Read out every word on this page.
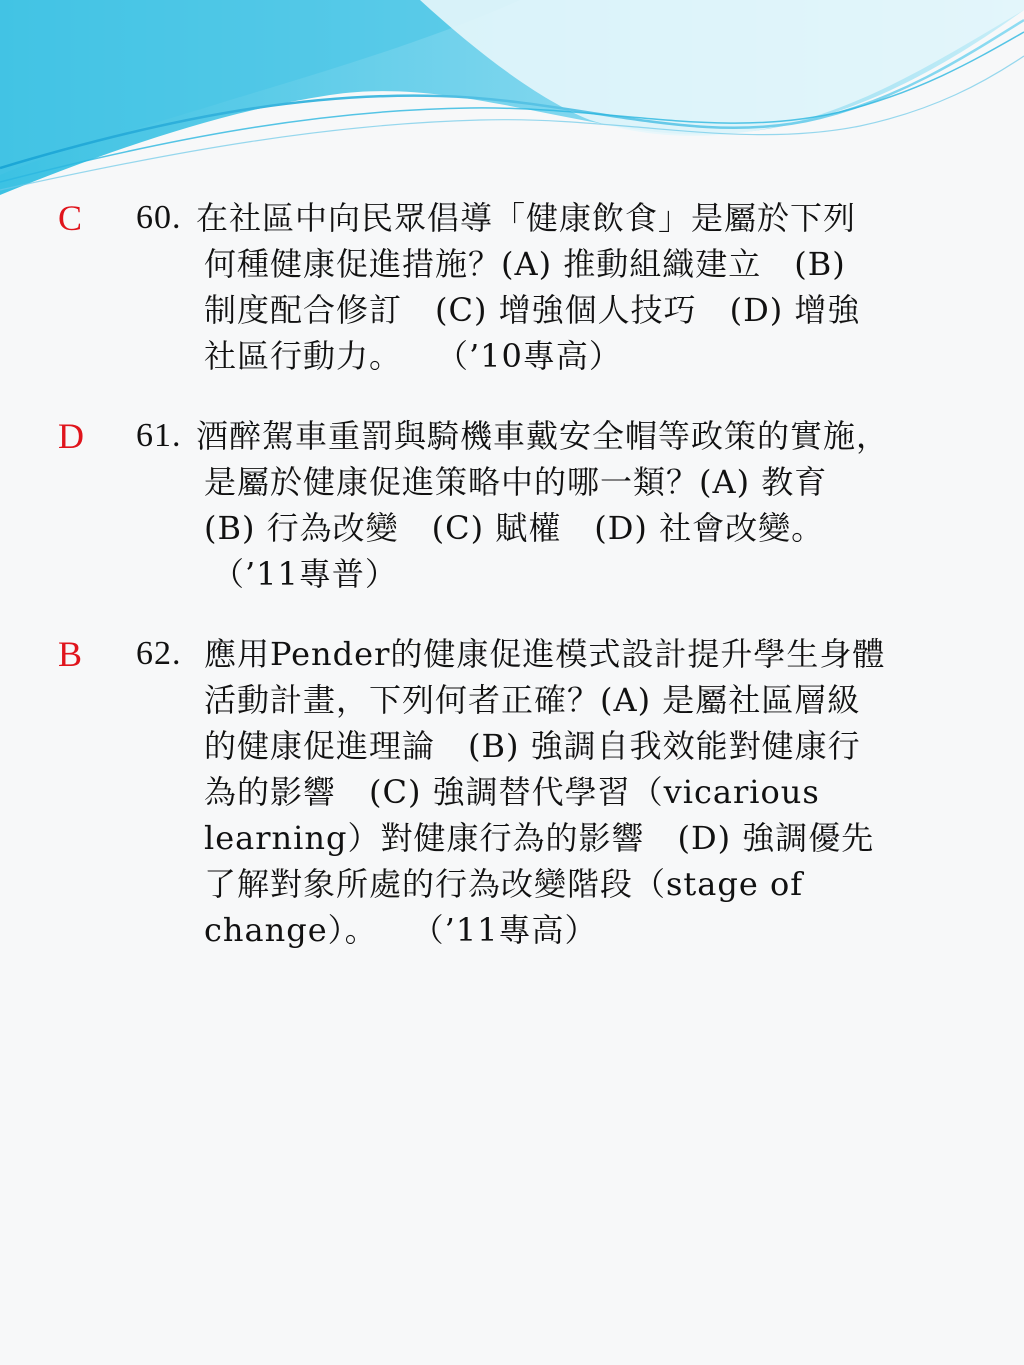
C 60. 在社區中向民眾倡導「健康飲食」是屬於下列
何種健康促進措施？(A) 推動組織建立　(B)
制度配合修訂　(C) 增強個人技巧　(D) 增強
社區行動力。　　（’10專高）
D 61. 酒醉駕車重罰與騎機車戴安全帽等政策的實施，
是屬於健康促進策略中的哪一類？(A) 教育
(B) 行為改變　(C) 賦權　(D) 社會改變。
（’11專普）
B 62. 應用Pender的健康促進模式設計提升學生身體
活動計畫，下列何者正確？(A) 是屬社區層級
的健康促進理論　(B) 強調自我效能對健康行
為的影響　(C) 強調替代學習（vicarious
learning）對健康行為的影響　(D) 強調優先
了解對象所處的行為改變階段（stage of
change）。　　（’11專高）
